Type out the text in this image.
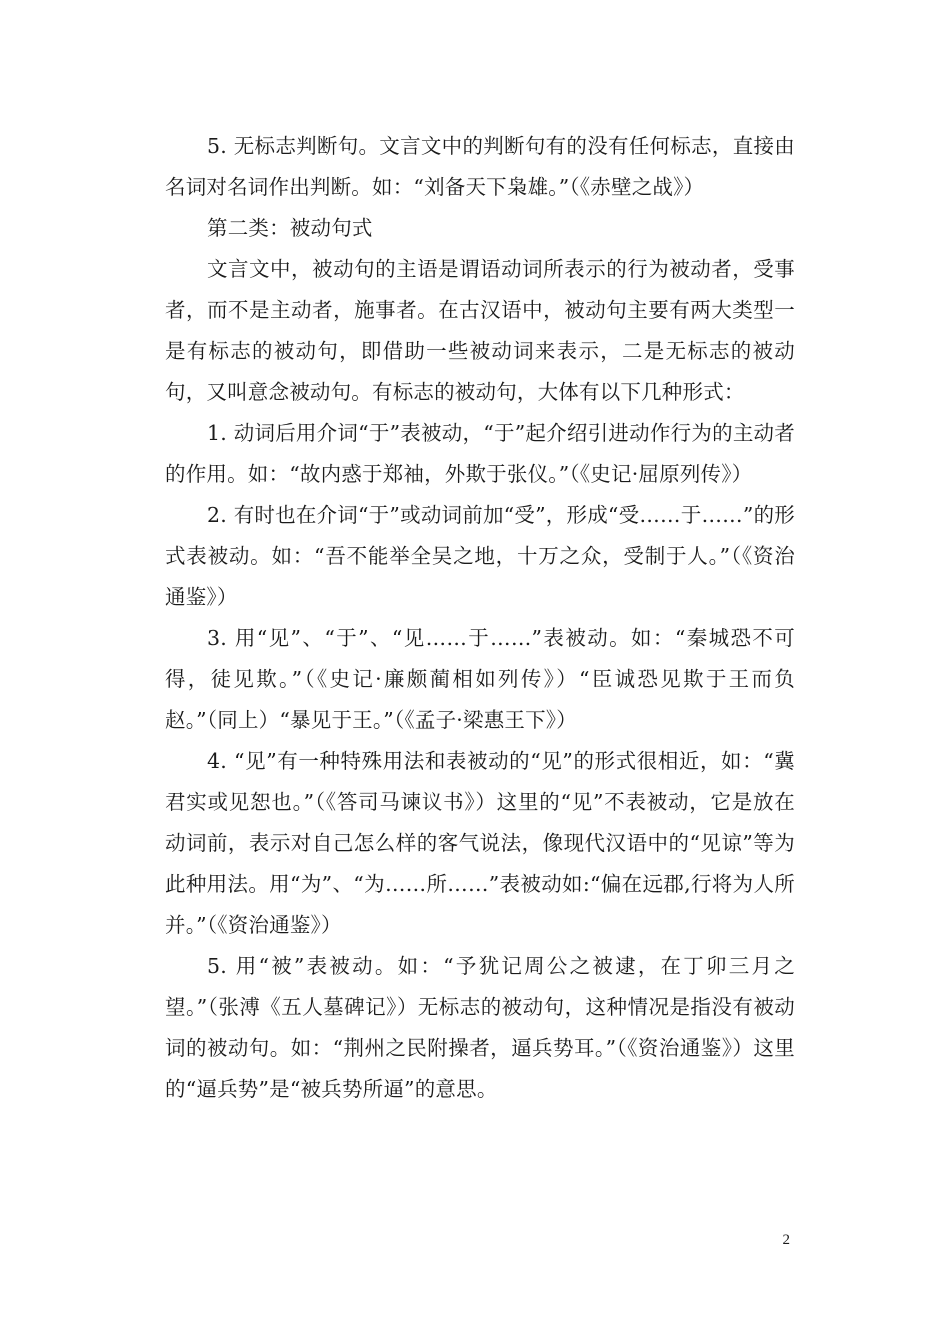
5. 无标志判断句。文言文中的判断句有的没有任何标志，直接由名词对名词作出判断。如：“刘备天下枭雄。”（《赤壁之战》）

第二类：被动句式

文言文中，被动句的主语是谓语动词所表示的行为被动者，受事者，而不是主动者，施事者。在古汉语中，被动句主要有两大类型一是有标志的被动句，即借助一些被动词来表示，二是无标志的被动句，又叫意念被动句。有标志的被动句，大体有以下几种形式：

1. 动词后用介词“于”表被动，“于”起介绍引进动作行为的主动者的作用。如：“故内惑于郑袖，外欺于张仪。”（《史记·屈原列传》）

2. 有时也在介词“于”或动词前加“受”，形成“受……于……”的形式表被动。如：“吾不能举全吴之地，十万之众，受制于人。”（《资治通鉴》）

3. 用“见”、“于”、“见……于……”表被动。如：“秦城恐不可得，徒见欺。”（《史记·廉颇蔺相如列传》）“臣诚恐见欺于王而负赵。”（同上）“暴见于王。”（《孟子·梁惠王下》）

4. “见”有一种特殊用法和表被动的“见”的形式很相近，如：“冀君实或见恕也。”（《答司马谏议书》）这里的“见”不表被动，它是放在动词前，表示对自己怎么样的客气说法，像现代汉语中的“见谅”等为此种用法。用“为”、“为……所……”表被动如:“偏在远郡,行将为人所并。”（《资治通鉴》）

5. 用“被”表被动。如：“予犹记周公之被逮，在丁卯三月之望。”（张溥《五人墓碑记》）无标志的被动句，这种情况是指没有被动词的被动句。如：“荆州之民附操者，逼兵势耳。”（《资治通鉴》）这里的“逼兵势”是“被兵势所逼”的意思。

2
